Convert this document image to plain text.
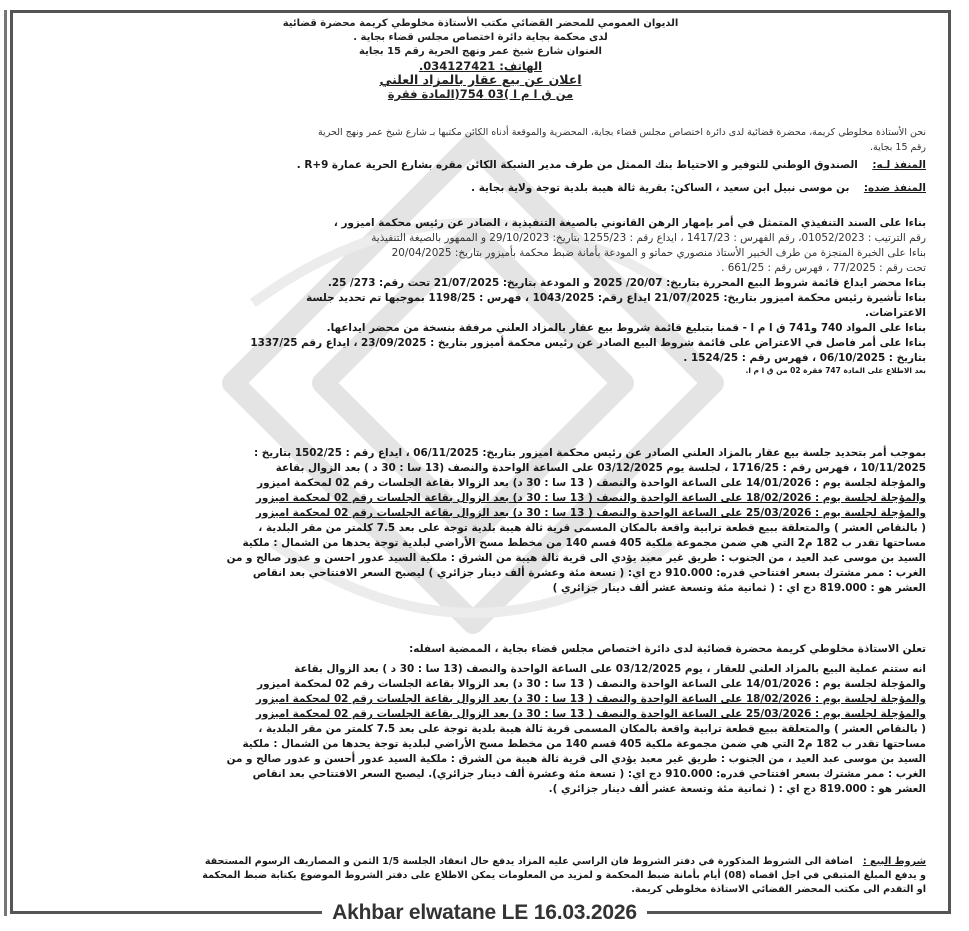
الديوان العمومي للمحضر القضائي مكتب الأستاذة مخلوطي كريمة محضرة قضائية
لدى محكمة بجاية دائرة اختصاص مجلس قضاء بجاية .
العنوان شارع شيخ عمر ونهج الحرية رقم 15 بجاية
الهاتف: 034127421.
اعلان عن بيع عقار بالمزاد العلني
من ق ا م ا )03 754(المادة فقرة
نحن الأستاذة مخلوطي كريمة، محضرة قضائية لدى دائرة اختصاص مجلس قضاء بجاية، المحضرية والموقعة أدناه الكائن مكتبها بـ شارع شيخ عمر ونهج الحرية
رقم 15 بجاية.
المنفذ لـه:    الصندوق الوطني للتوفير و الاحتياط بنك الممثل من طرف مدير الشبكة الكائن مقره بشارع الحرية عمارة R+9 .
المنفذ ضده:    بن موسى نبيل ابن سعيد ، الساكن: بقرية ثالة هيبة بلدية توجة ولاية بجاية .
بناءا على السند التنفيذي المتمثل في أمر بإمهار الرهن القانوني بالصيغة التنفيذية ، الصادر عن رئيس محكمة اميزور ،
رقم الترتيب : 01052/2023، رقم الفهرس : 1417/23 ، ايداع رقم : 1255/23 بتاريخ: 29/10/2023 و الممهور بالصيغة التنفيذية
بناءا على الخبرة المنجزة من طرف الخبير الأستاذ منصوري حماتو و المودعة بأمانة ضبط محكمة بأميزور بتاريخ: 20/04/2025
تحت رقم : 77/2025 ، فهرس رقم : 661/25 .
بناءا محضر ايداع قائمة شروط البيع المحررة بتاريخ: 20/07/ 2025 و المودعة بتاريخ: 21/07/2025 تحت رقم: 273/ 25.
بناءا تأشيرة رئيس محكمة اميزور بتاريخ: 21/07/2025 ايداع رقم: 1043/2025 ، فهرس : 1198/25 بموجبها تم تحديد جلسة
الاعتراضات.
بناءا على المواد 740 و741 ق ا م ا - قمنا بتبليغ قائمة شروط بيع عقار بالمزاد العلني مرفقة بنسخة من محضر ايداعها.
بناءا على أمر فاصل في الاعتراض على قائمة شروط البيع الصادر عن رئيس محكمة أميزور بتاريخ : 23/09/2025 ، ايداع رقم 1337/25
بتاريخ : 06/10/2025 ، فهرس رقم : 1524/25 .
بعد الاطلاع على المادة 747 فقرة 02 من ق ا م ا.
بموجب أمر بتحديد جلسة بيع عقار بالمزاد العلني الصادر عن رئيس محكمة اميزور بتاريخ: 06/11/2025 ، ايداع رقم : 1502/25 بتاريخ :
10/11/2025 ، فهرس رقم : 1716/25 ، لجلسة يوم 03/12/2025 على الساعة الواحدة والنصف (13 سا : 30 د ) بعد الزوال بقاعة
والمؤجلة لجلسة يوم : 14/01/2026 على الساعة الواحدة والنصف ( 13 سا : 30 د) بعد الزوالا بقاعة الجلسات رقم 02 لمحكمة اميزور
والمؤجلة لجلسة يوم : 18/02/2026 على الساعة الواحدة والنصف ( 13 سا : 30 د) بعد الزوال بقاعة الجلسات رقم 02 لمحكمة اميزور
والمؤجلة لجلسة يوم : 25/03/2026 على الساعة الواحدة والنصف ( 13 سا : 30 د) بعد الزوال بقاعة الجلسات رقم 02 لمحكمة اميزور
( بالنقاص العشر ) والمتعلقة ببيع قطعة ترابية واقعة بالمكان المسمى قرية ثالة هيبة بلدية توجة على بعد 7.5 كلمتر من مقر البلدية ،
مساحتها تقدر ب 182 م2 التي هي ضمن مجموعة ملكية 405 قسم 140 من مخطط مسح الأراضي لبلدية توجة يحدها من الشمال : ملكية
السيد بن موسى عبد العيد ، من الجنوب : طريق غير معبد يؤدي الى قرية ثالة هيبة من الشرق : ملكية السيد عدور احسن و عدور صالح و من
الغرب : ممر مشترك بسعر افتتاحي قدره: 910.000 دج اي: ( تسعة مئة وعشرة ألف دينار جزائري ) ليصبح السعر الافتتاحي بعد انقاص
العشر هو : 819.000 دج اي : ( ثمانية مئة وتسعة عشر ألف دينار جزائري )
تعلن الاستاذة مخلوطي كريمة محضرة قضائية لدى دائرة اختصاص مجلس قضاء بجاية ، الممضية اسفله:
انه ستتم عملية البيع بالمزاد العلني للعقار ، يوم 03/12/2025 على الساعة الواحدة والنصف (13 سا : 30 د ) بعد الزوال بقاعة
والمؤجلة لجلسة يوم : 14/01/2026 على الساعة الواحدة والنصف ( 13 سا : 30 د) بعد الزوالا بقاعة الجلسات رقم 02 لمحكمة اميزور
والمؤجلة لجلسة يوم : 18/02/2026 على الساعة الواحدة والنصف ( 13 سا : 30 د) بعد الزوال بقاعة الجلسات رقم 02 لمحكمة اميزور
والمؤجلة لجلسة يوم : 25/03/2026 على الساعة الواحدة والنصف ( 13 سا : 30 د) بعد الزوال بقاعة الجلسات رقم 02 لمحكمة اميزور
( بالنقاص العشر ) والمتعلقة ببيع قطعة ترابية واقعة بالمكان المسمى قرية ثالة هيبة بلدية توجة على بعد 7.5 كلمتر من مقر البلدية ،
مساحتها تقدر ب 182 م2 التي هي ضمن مجموعة ملكية 405 قسم 140 من مخطط مسح الأراضي لبلدية توجة يحدها من الشمال : ملكية
السيد بن موسى عبد العيد ، من الجنوب : طريق غير معبد يؤدي الى قرية ثالة هيبة من الشرق : ملكية السيد عدور أحسن و عدور صالح و من
الغرب : ممر مشترك بسعر افتتاحي قدره: 910.000 دج اي: ( تسعة مئة وعشرة ألف دينار جزائري). ليصبح السعر الافتتاحي بعد انقاص
العشر هو : 819.000 دج اي : ( ثمانية مئة وتسعة عشر ألف دينار جزائري ).
شروط البيع :   اضافة الى الشروط المذكورة في دفتر الشروط فان الراسي عليه المزاد يدفع حال انعقاد الجلسة 1/5 الثمن و المصاريف الرسوم المستحقة
و يدفع المبلغ المتبقي في اجل اقصاه (08) أيام بأمانة ضبط المحكمة و لمزيد من المعلومات يمكن الاطلاع على دفتر الشروط الموضوع بكتابة ضبط المحكمة
او التقدم الى مكتب المحضر القضائي الاستاذة مخلوطي كريمة.
Akhbar elwatane LE 16.03.2026
